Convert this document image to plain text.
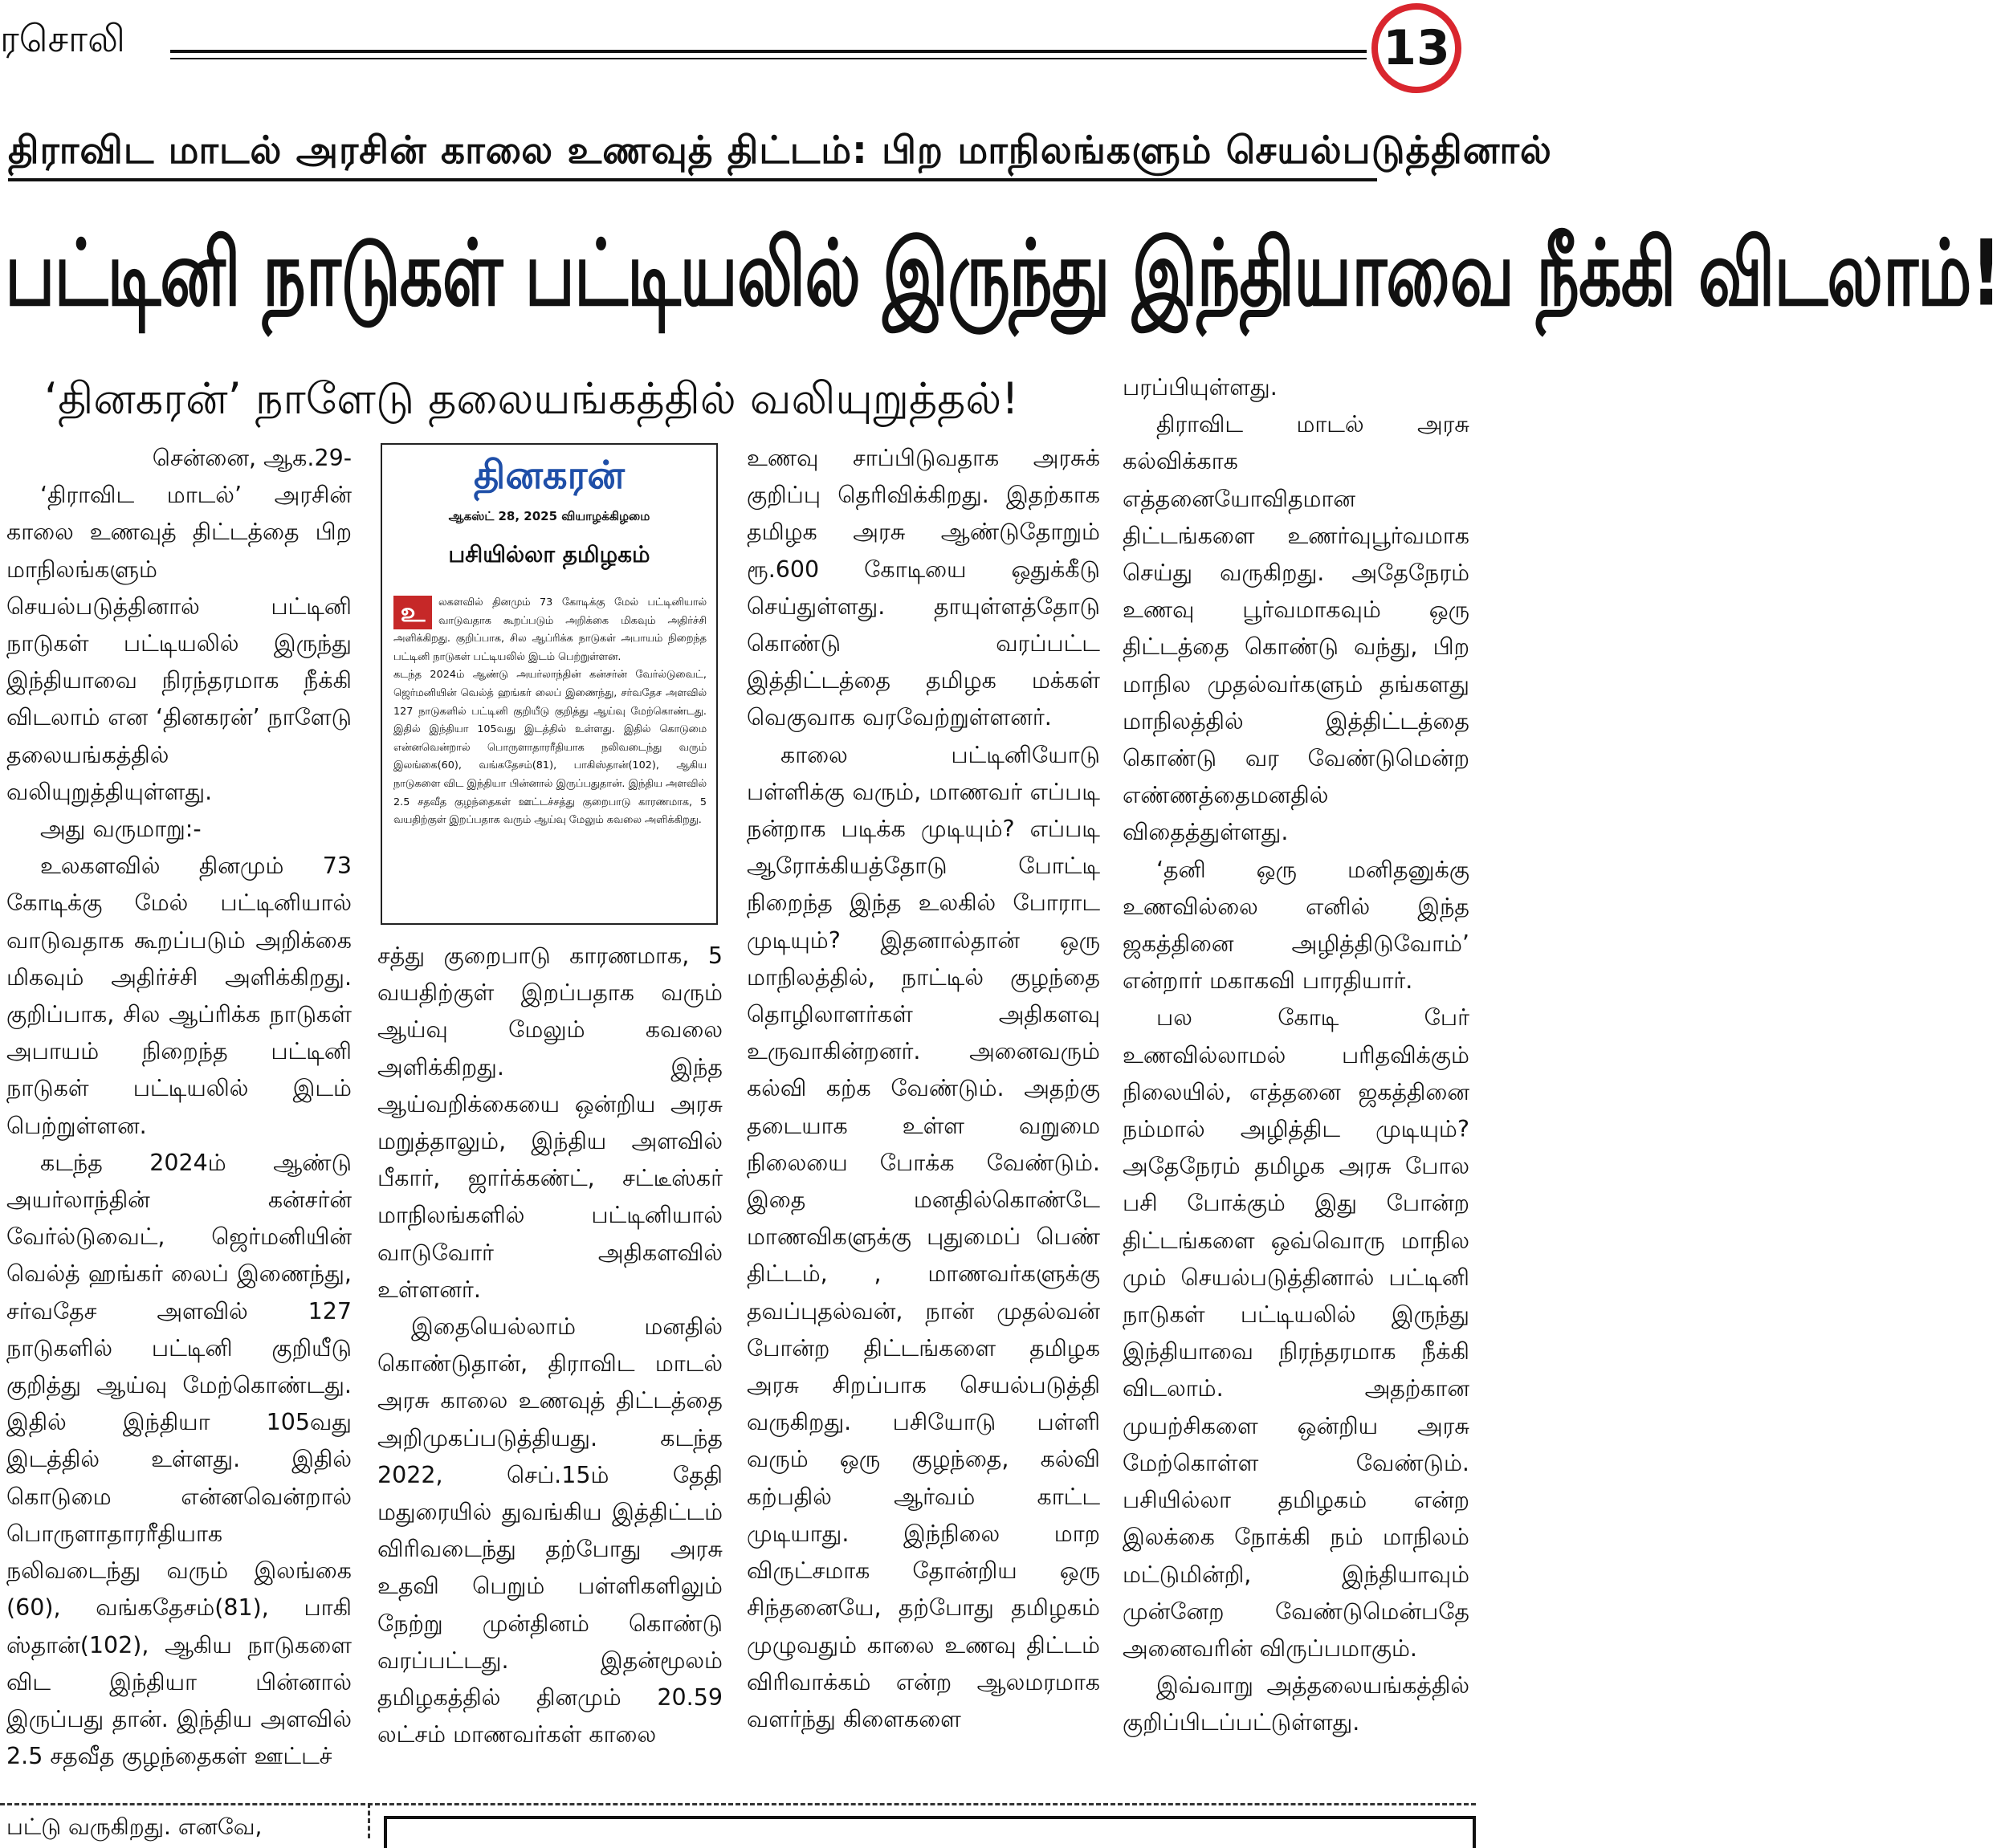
ரசொலி	13
திராவிட மாடல் அரசின் காலை உணவுத் திட்டம்: பிற மாநிலங்களும் செயல்படுத்தினால்
பட்டினி நாடுகள் பட்டியலில் இருந்து இந்தியாவை நீக்கி விடலாம்!
‘தினகரன்’ நாளேடு தலையங்கத்தில் வலியுறுத்தல்!

சென்னை, ஆக.29-

‘திராவிட மாடல்’ அரசின் காலை உணவுத் திட்டத்தை பிற மாநிலங்களும் செயல்படுத்தினால் பட்டினி நாடுகள் பட்டியலில் இருந்து இந்தியாவை நிரந்தரமாக நீக்கி விடலாம் என ‘தினகரன்’ நாளேடு தலையங்கத்தில் வலியுறுத்தியுள்ளது.

அது வருமாறு:-

உலகளவில் தினமும் 73 கோடிக்கு மேல் பட்டினியால் வாடுவதாக கூறப்படும் அறிக்கை மிகவும் அதிர்ச்சி அளிக்கிறது. குறிப்பாக, சில ஆப்ரிக்க நாடுகள் அபாயம் நிறைந்த பட்டினி நாடுகள் பட்டியலில் இடம் பெற்றுள்ளன.

கடந்த 2024ம் ஆண்டு அயர்லாந்தின் கன்சர்ன் வேர்ல்டுவைட், ஜெர்மனியின் வெல்த் ஹங்கர் லைப் இணைந்து, சர்வதேச அளவில் 127 நாடுகளில் பட்டினி குறியீடு குறித்து ஆய்வு மேற்கொண்டது. இதில் இந்தியா 105வது இடத்தில் உள்ளது. இதில் கொடுமை என்னவென்றால் பொருளாதாரரீதியாக நலிவடைந்து வரும் இலங்கை (60), வங்கதேசம்(81), பாகி ஸ்தான்(102), ஆகிய நாடுகளை விட இந்தியா பின்னால் இருப்பது தான். இந்திய அளவில் 2.5 சதவீத குழந்தைகள் ஊட்டச்

தினகரன்
ஆகஸ்ட் 28, 2025 வியாழக்கிழமை
பசியில்லா தமிழகம்
உ	லகளவில் தினமும் 73 கோடிக்கு மேல் பட்டினியால் வாடுவதாக கூறப்படும் அறிக்கை மிகவும் அதிர்ச்சி அளிக்கிறது. குறிப்பாக, சில ஆப்ரிக்க நாடுகள் அபாயம் நிறைந்த பட்டினி நாடுகள் பட்டியலில் இடம் பெற்றுள்ளன.

கடந்த 2024ம் ஆண்டு அயர்லாந்தின் கன்சர்ன் வேர்ல்டுவைட், ஜெர்மனியின் வெல்த் ஹங்கர் லைப் இணைந்து, சர்வதேச அளவில் 127 நாடுகளில் பட்டினி குறியீடு குறித்து ஆய்வு மேற்கொண்டது. இதில் இந்தியா 105வது இடத்தில் உள்ளது. இதில் கொடுமை என்னவென்றால் பொருளாதாரரீதியாக நலிவடைந்து வரும் இலங்கை(60), வங்கதேசம்(81), பாகிஸ்தான்(102), ஆகிய நாடுகளை விட இந்தியா பின்னால் இருப்பதுதான். இந்திய அளவில் 2.5 சதவீத குழந்தைகள் ஊட்டச்சத்து குறைபாடு காரணமாக, 5 வயதிற்குள் இறப்பதாக வரும் ஆய்வு மேலும் கவலை அளிக்கிறது.

சத்து குறைபாடு காரணமாக, 5 வயதிற்குள் இறப்பதாக வரும் ஆய்வு மேலும் கவலை அளிக்கிறது. இந்த ஆய்வறிக்கையை ஒன்றிய அரசு மறுத்தாலும், இந்திய அளவில் பீகார், ஜார்க்கண்ட், சட்டீஸ்கர் மாநிலங்களில் பட்டினியால் வாடுவோர் அதிகளவில் உள்ளனர்.

இதையெல்லாம் மனதில் கொண்டுதான், திராவிட மாடல் அரசு காலை உணவுத் திட்டத்தை அறிமுகப்படுத்தியது. கடந்த 2022, செப்.15ம் தேதி மதுரையில் துவங்கிய இத்திட்டம் விரிவடைந்து தற்போது அரசு உதவி பெறும் பள்ளிகளிலும் நேற்று முன்தினம் கொண்டு வரப்பட்டது. இதன்மூலம் தமிழகத்தில் தினமும் 20.59 லட்சம் மாணவர்கள் காலை

உணவு சாப்பிடுவதாக அரசுக் குறிப்பு தெரிவிக்கிறது. இதற்காக தமிழக அரசு ஆண்டுதோறும் ரூ.600 கோடியை ஒதுக்கீடு செய்துள்ளது. தாயுள்ளத்தோடு கொண்டு வரப்பட்ட இத்திட்டத்தை தமிழக மக்கள் வெகுவாக வரவேற்றுள்ளனர்.

காலை பட்டினியோடு பள்ளிக்கு வரும், மாணவர் எப்படி நன்றாக படிக்க முடியும்? எப்படி ஆரோக்கியத்தோடு போட்டி நிறைந்த இந்த உலகில் போராட முடியும்? இதனால்தான் ஒரு மாநிலத்தில், நாட்டில் குழந்தை தொழிலாளர்கள் அதிகளவு உருவாகின்றனர். அனைவரும் கல்வி கற்க வேண்டும். அதற்கு தடையாக உள்ள வறுமை நிலையை போக்க வேண்டும். இதை மனதில்கொண்டே மாணவிகளுக்கு புதுமைப் பெண் திட்டம், , மாணவர்களுக்கு தவப்புதல்வன், நான் முதல்வன் போன்ற திட்டங்களை தமிழக அரசு சிறப்பாக செயல்படுத்தி வருகிறது. பசியோடு பள்ளி வரும் ஒரு குழந்தை, கல்வி கற்பதில் ஆர்வம் காட்ட முடியாது. இந்நிலை மாற விருட்சமாக தோன்றிய ஒரு சிந்தனையே, தற்போது தமிழகம் முழுவதும் காலை உணவு திட்டம் விரிவாக்கம் என்ற ஆலமரமாக வளர்ந்து கிளைகளை

பரப்பியுள்ளது.

திராவிட மாடல் அரசு கல்விக்காக எத்தனையோவிதமான திட்டங்களை உணர்வுபூர்வமாக செய்து வருகிறது. அதேநேரம் உணவு பூர்வமாகவும் ஒரு திட்டத்தை கொண்டு வந்து, பிற மாநில முதல்வர்களும் தங்களது மாநிலத்தில் இத்திட்டத்தை கொண்டு வர வேண்டுமென்ற எண்ணத்தைமனதில் விதைத்துள்ளது.

‘தனி ஒரு மனிதனுக்கு உணவில்லை எனில் இந்த ஜகத்தினை அழித்திடுவோம்’ என்றார் மகாகவி பாரதியார்.

பல கோடி பேர் உணவில்லாமல் பரிதவிக்கும் நிலையில், எத்தனை ஜகத்தினை நம்மால் அழித்திட முடியும்? அதேநேரம் தமிழக அரசு போல பசி போக்கும் இது போன்ற திட்டங்களை ஒவ்வொரு மாநில மும் செயல்படுத்தினால் பட்டினி நாடுகள் பட்டியலில் இருந்து இந்தியாவை நிரந்தரமாக நீக்கி விடலாம். அதற்கான முயற்சிகளை ஒன்றிய அரசு மேற்கொள்ள வேண்டும். பசியில்லா தமிழகம் என்ற இலக்கை நோக்கி நம் மாநிலம் மட்டுமின்றி, இந்தியாவும் முன்னேற வேண்டுமென்பதே அனைவரின் விருப்பமாகும்.

இவ்வாறு அத்தலையங்கத்தில் குறிப்பிடப்பட்டுள்ளது.

பட்டு வருகிறது. எனவே,
